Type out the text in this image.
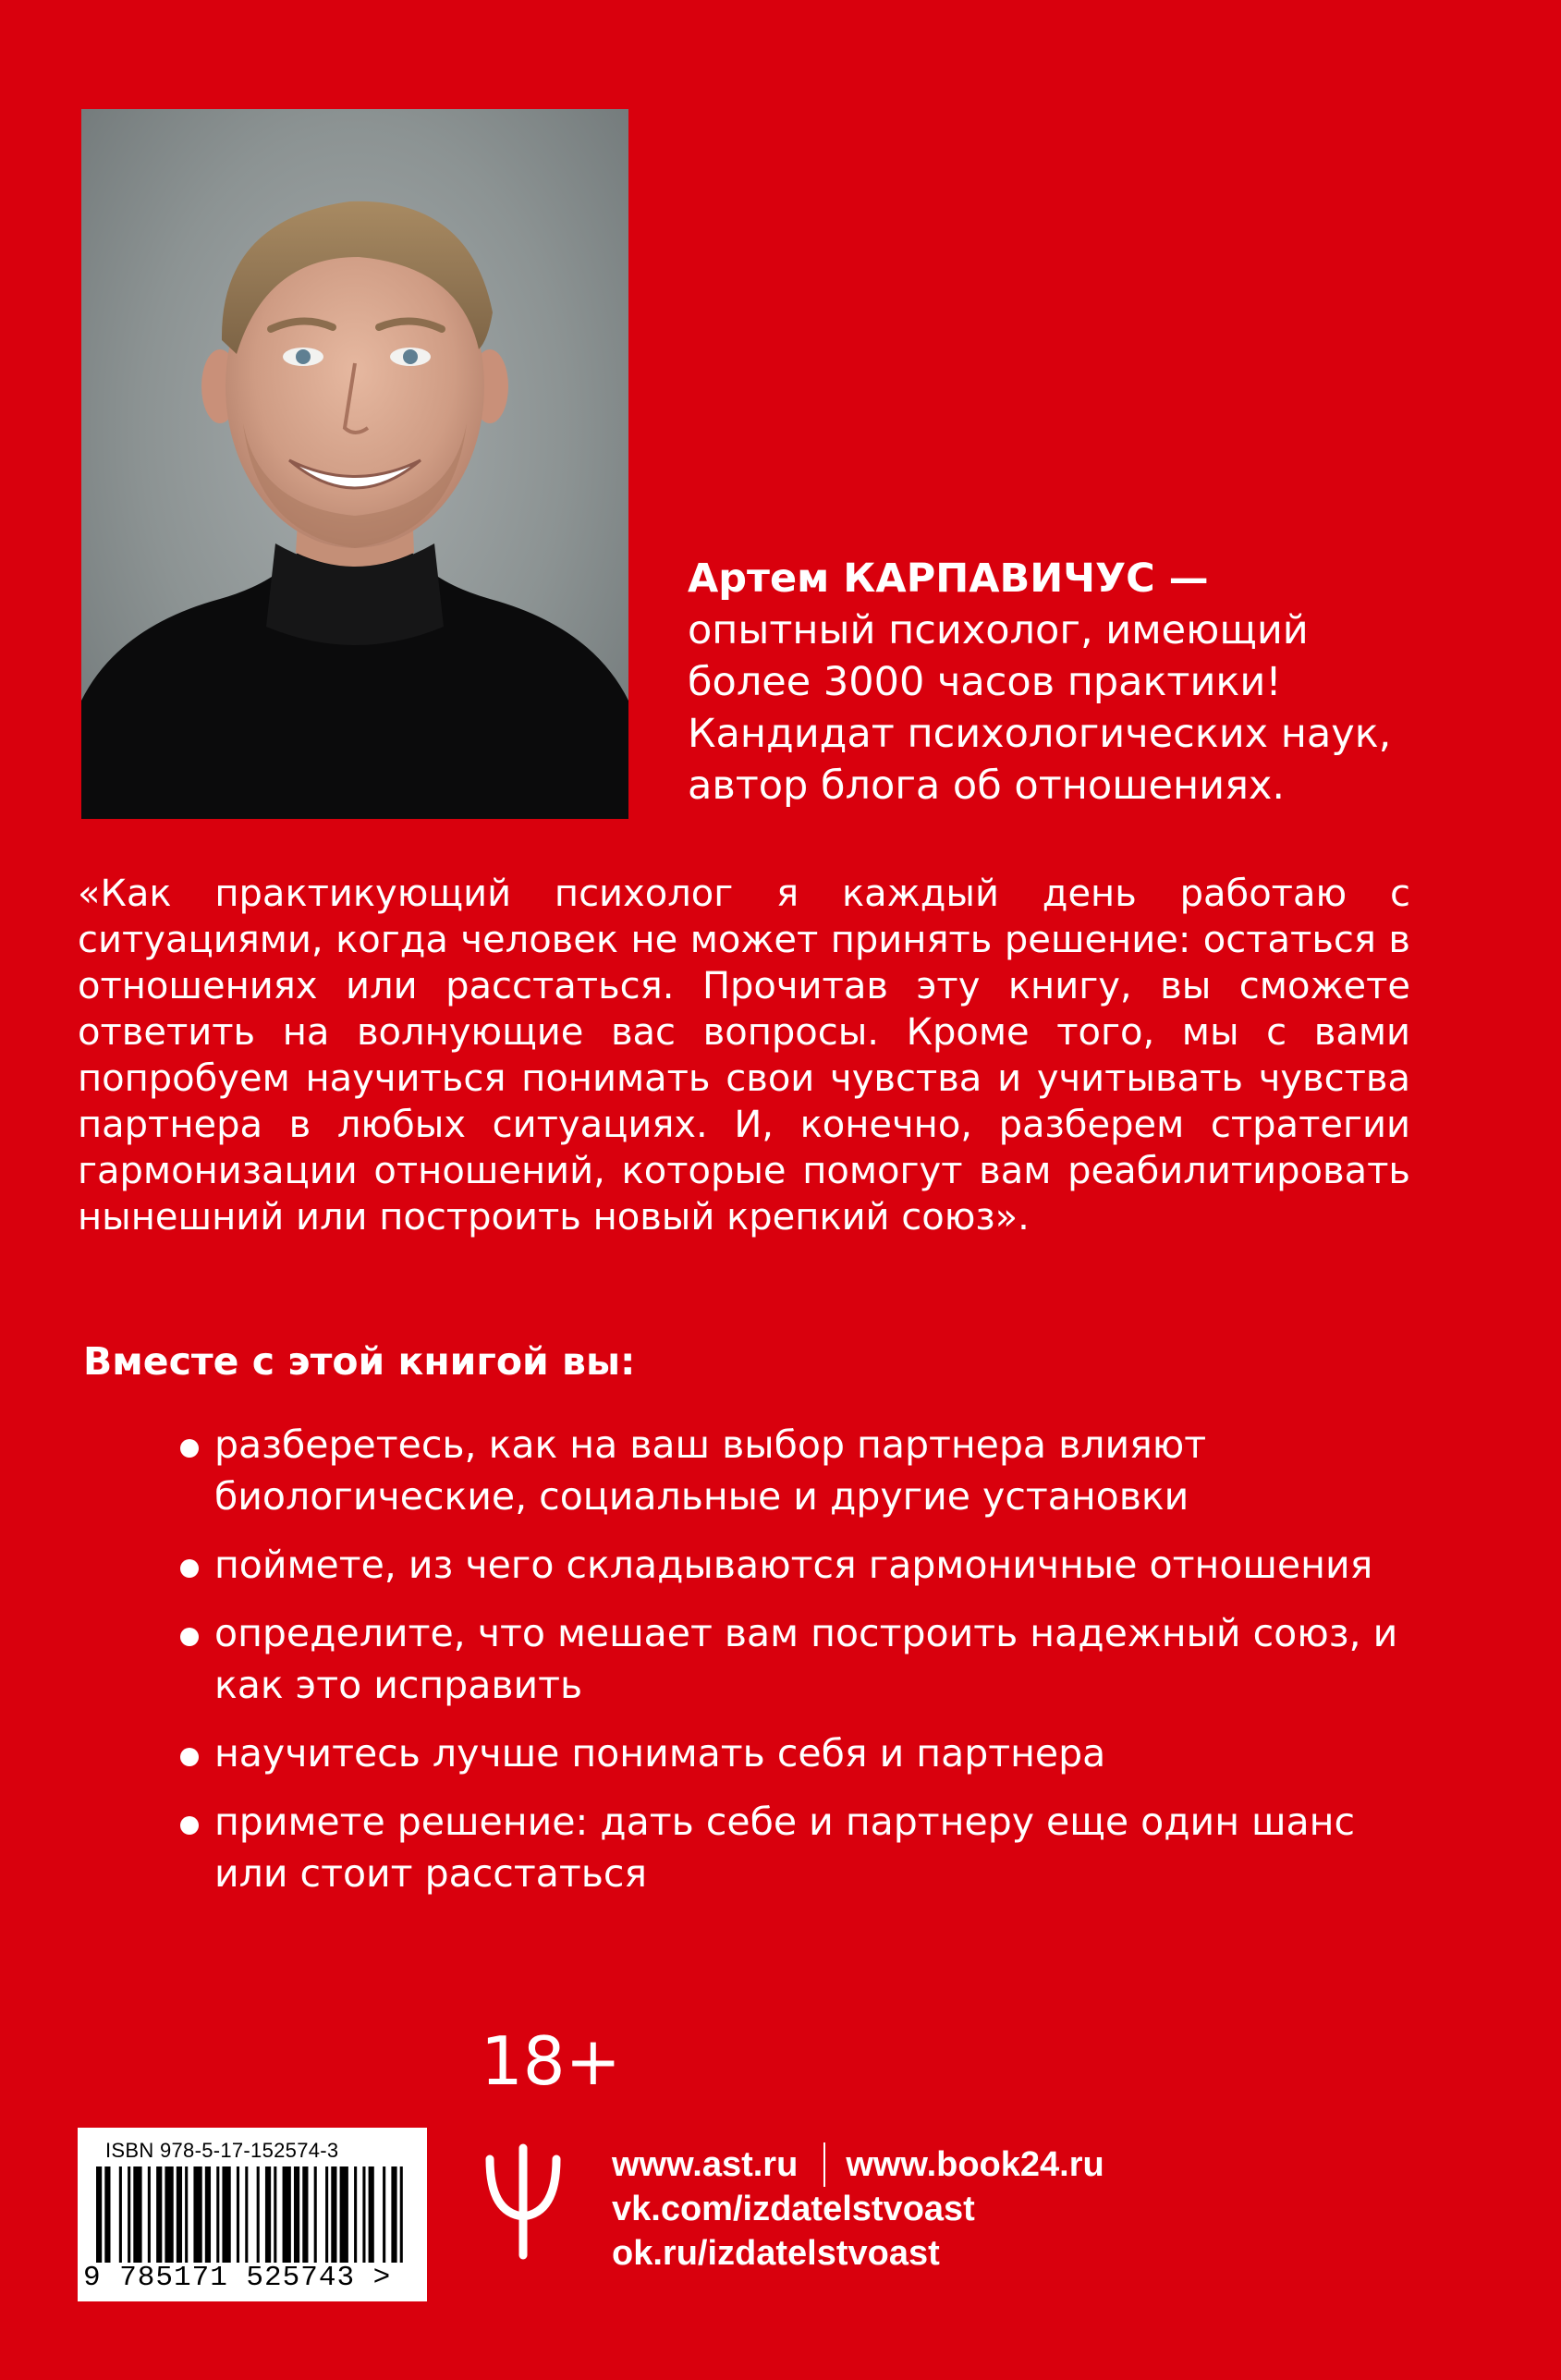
Артем КАРПАВИЧУС —
опытный психолог, имеющий
более 3000 часов практики!
Кандидат психологических наук,
автор блога об отношениях.
«Как практикующий психолог я каждый день работаю с ситуациями, когда человек не может принять решение: остаться в отношениях или расстаться. Прочитав эту книгу, вы сможете ответить на волнующие вас вопросы. Кроме того, мы с вами попробуем научиться понимать свои чувства и учитывать чувства партнера в любых ситуациях. И, конечно, разберем стратегии гармонизации отношений, которые помогут вам реабилитировать нынешний или построить новый крепкий союз».
Вместе с этой книгой вы:
разберетесь, как на ваш выбор партнера влияют биологические, социальные и другие установки
поймете, из чего складываются гармоничные отношения
определите, что мешает вам построить надежный союз, и как это исправить
научитесь лучше понимать себя и партнера
примете решение: дать себе и партнеру еще один шанс или стоит расстаться
18+
ISBN 978-5-17-152574-3
9 785171 525743 >
www.ast.ru www.book24.ru
vk.com/izdatelstvoast
ok.ru/izdatelstvoast
